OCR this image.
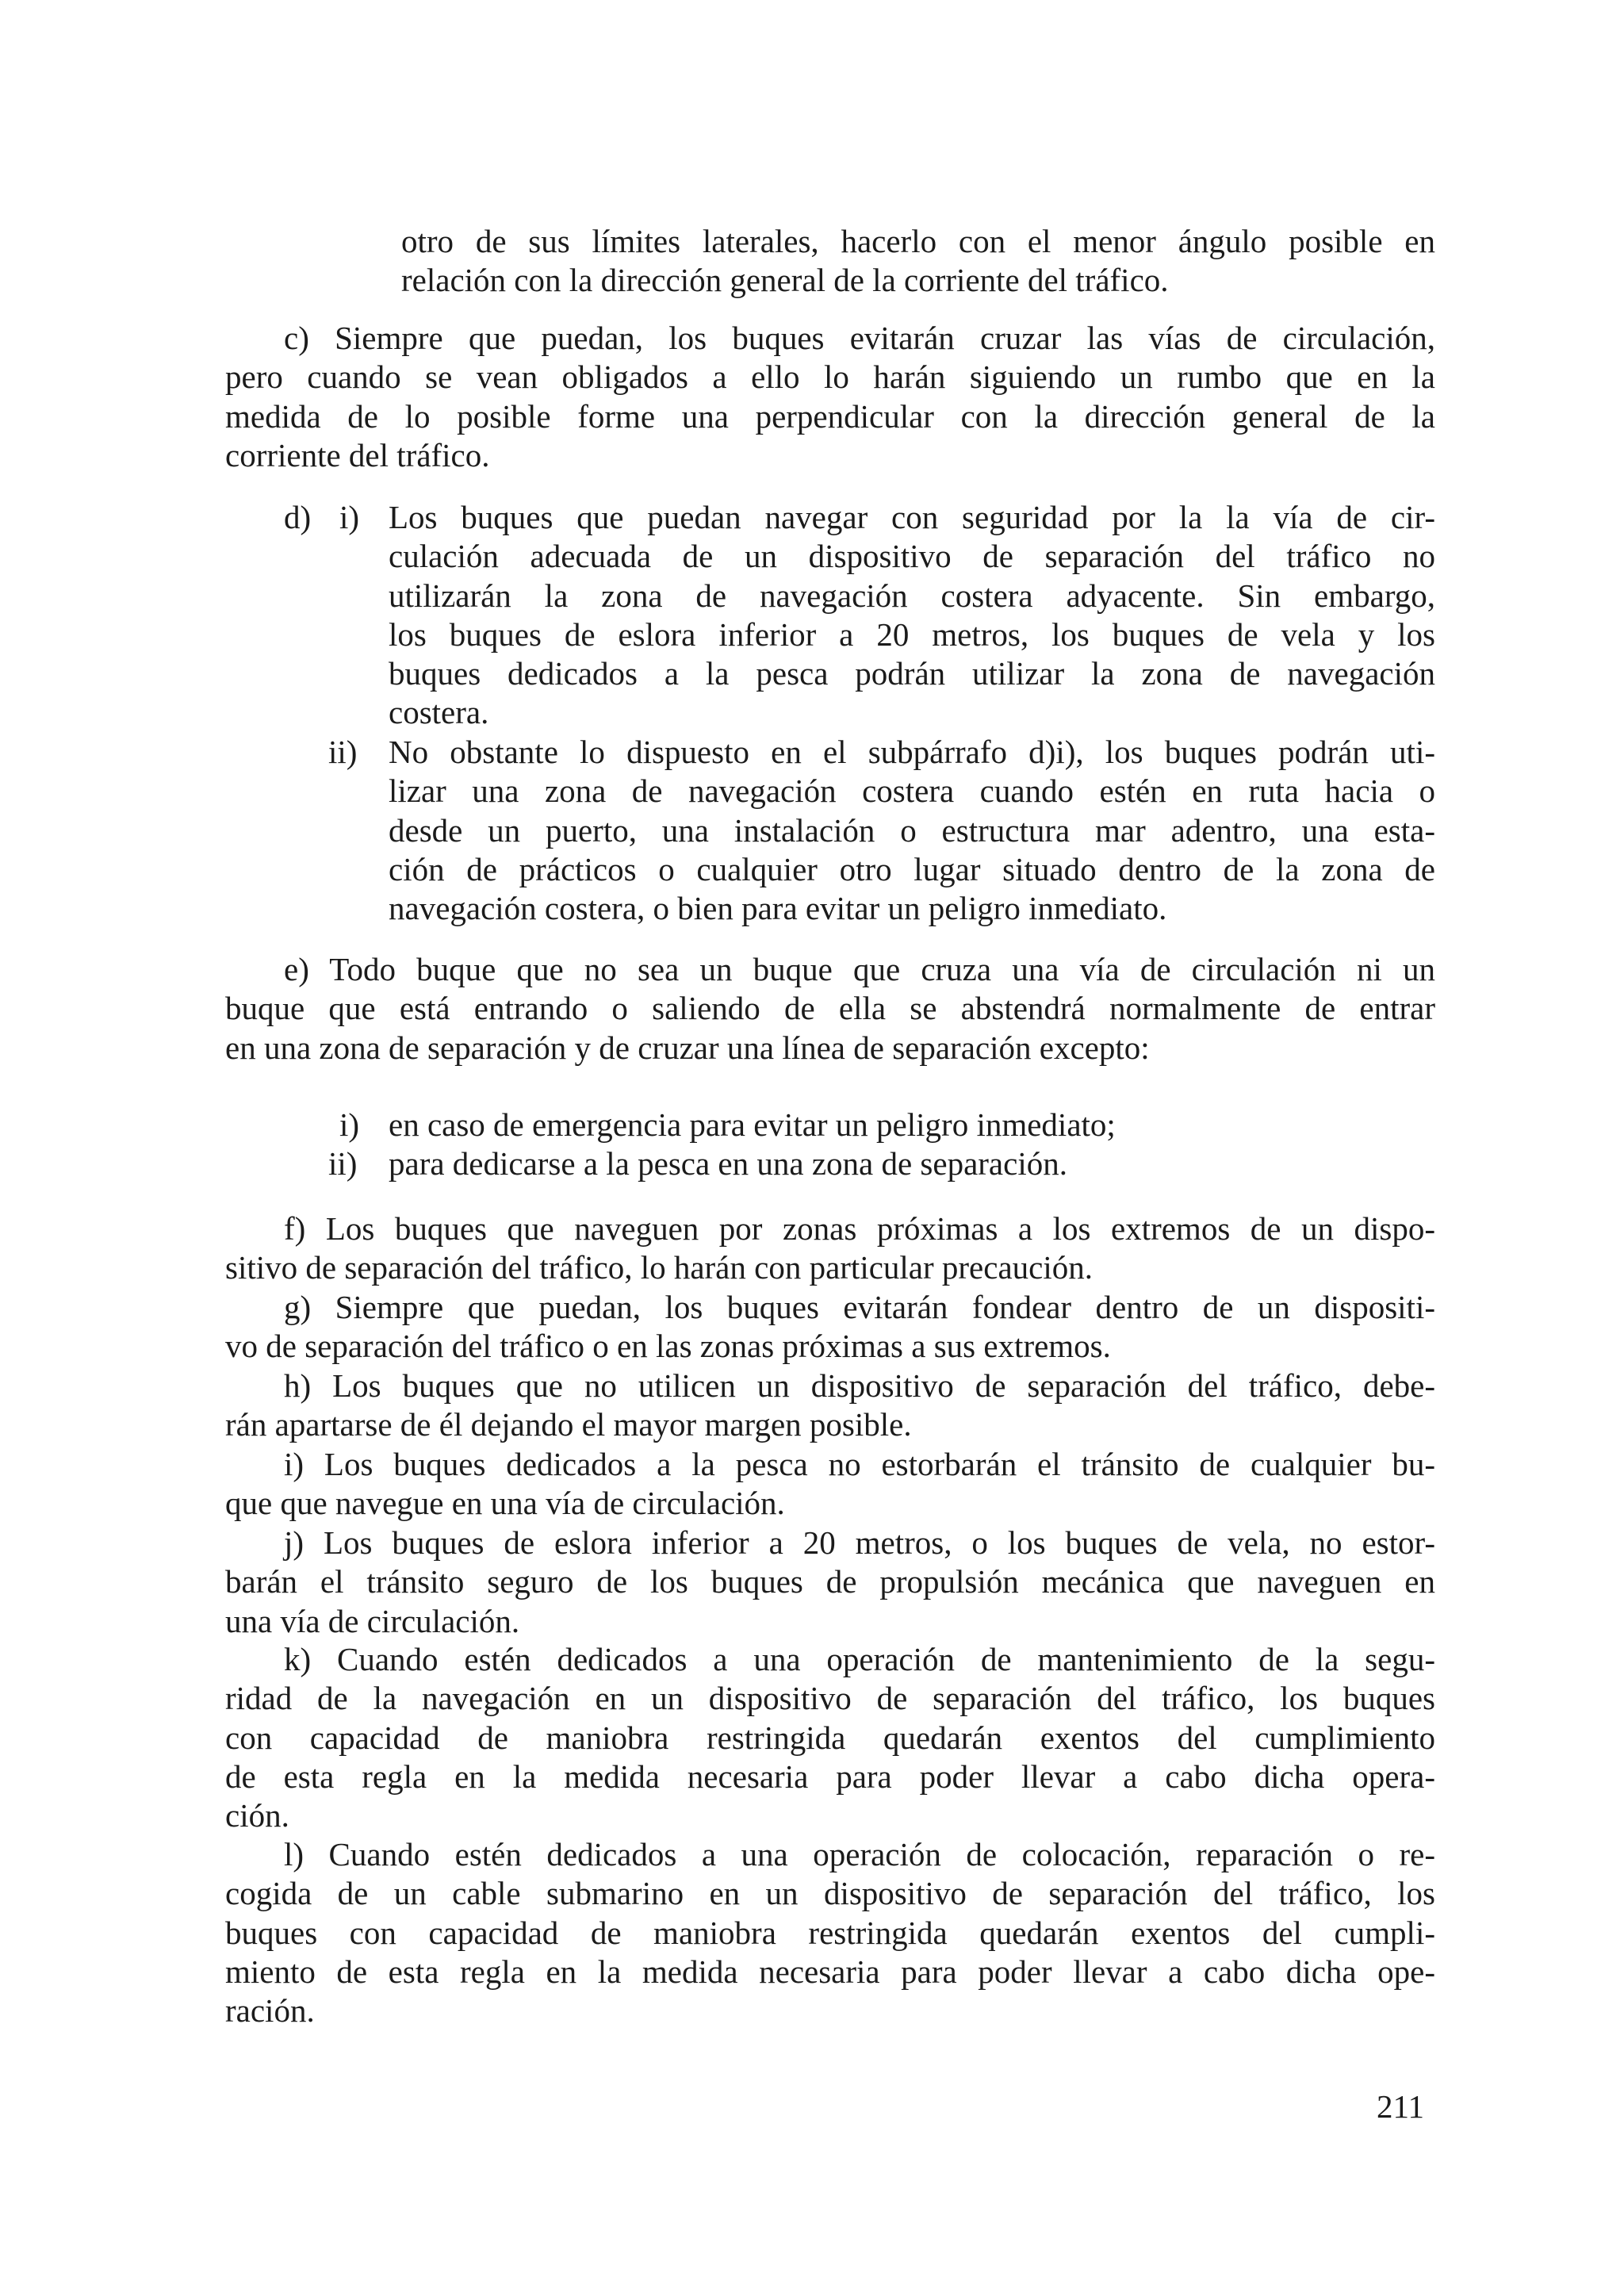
otro de sus límites laterales, hacerlo con el menor ángulo posible en
relación con la dirección general de la corriente del tráfico.
c) Siempre que puedan, los buques evitarán cruzar las vías de circulación,
pero cuando se vean obligados a ello lo harán siguiendo un rumbo que en la
medida de lo posible forme una perpendicular con la dirección general de la
corriente del tráfico.
d) i) Los buques que puedan navegar con seguridad por la la vía de cir-
culación adecuada de un dispositivo de separación del tráfico no
utilizarán la zona de navegación costera adyacente. Sin embargo,
los buques de eslora inferior a 20 metros, los buques de vela y los
buques dedicados a la pesca podrán utilizar la zona de navegación
costera.
ii) No obstante lo dispuesto en el subpárrafo d)i), los buques podrán uti-
lizar una zona de navegación costera cuando estén en ruta hacia o
desde un puerto, una instalación o estructura mar adentro, una esta-
ción de prácticos o cualquier otro lugar situado dentro de la zona de
navegación costera, o bien para evitar un peligro inmediato.
e) Todo buque que no sea un buque que cruza una vía de circulación ni un
buque que está entrando o saliendo de ella se abstendrá normalmente de entrar
en una zona de separación y de cruzar una línea de separación excepto:
i) en caso de emergencia para evitar un peligro inmediato;
ii) para dedicarse a la pesca en una zona de separación.
f) Los buques que naveguen por zonas próximas a los extremos de un dispo-
sitivo de separación del tráfico, lo harán con particular precaución.
g) Siempre que puedan, los buques evitarán fondear dentro de un dispositi-
vo de separación del tráfico o en las zonas próximas a sus extremos.
h) Los buques que no utilicen un dispositivo de separación del tráfico, debe-
rán apartarse de él dejando el mayor margen posible.
i) Los buques dedicados a la pesca no estorbarán el tránsito de cualquier bu-
que que navegue en una vía de circulación.
j) Los buques de eslora inferior a 20 metros, o los buques de vela, no estor-
barán el tránsito seguro de los buques de propulsión mecánica que naveguen en
una vía de circulación.
k) Cuando estén dedicados a una operación de mantenimiento de la segu-
ridad de la navegación en un dispositivo de separación del tráfico, los buques
con capacidad de maniobra restringida quedarán exentos del cumplimiento
de esta regla en la medida necesaria para poder llevar a cabo dicha opera-
ción.
l) Cuando estén dedicados a una operación de colocación, reparación o re-
cogida de un cable submarino en un dispositivo de separación del tráfico, los
buques con capacidad de maniobra restringida quedarán exentos del cumpli-
miento de esta regla en la medida necesaria para poder llevar a cabo dicha ope-
ración.
211
